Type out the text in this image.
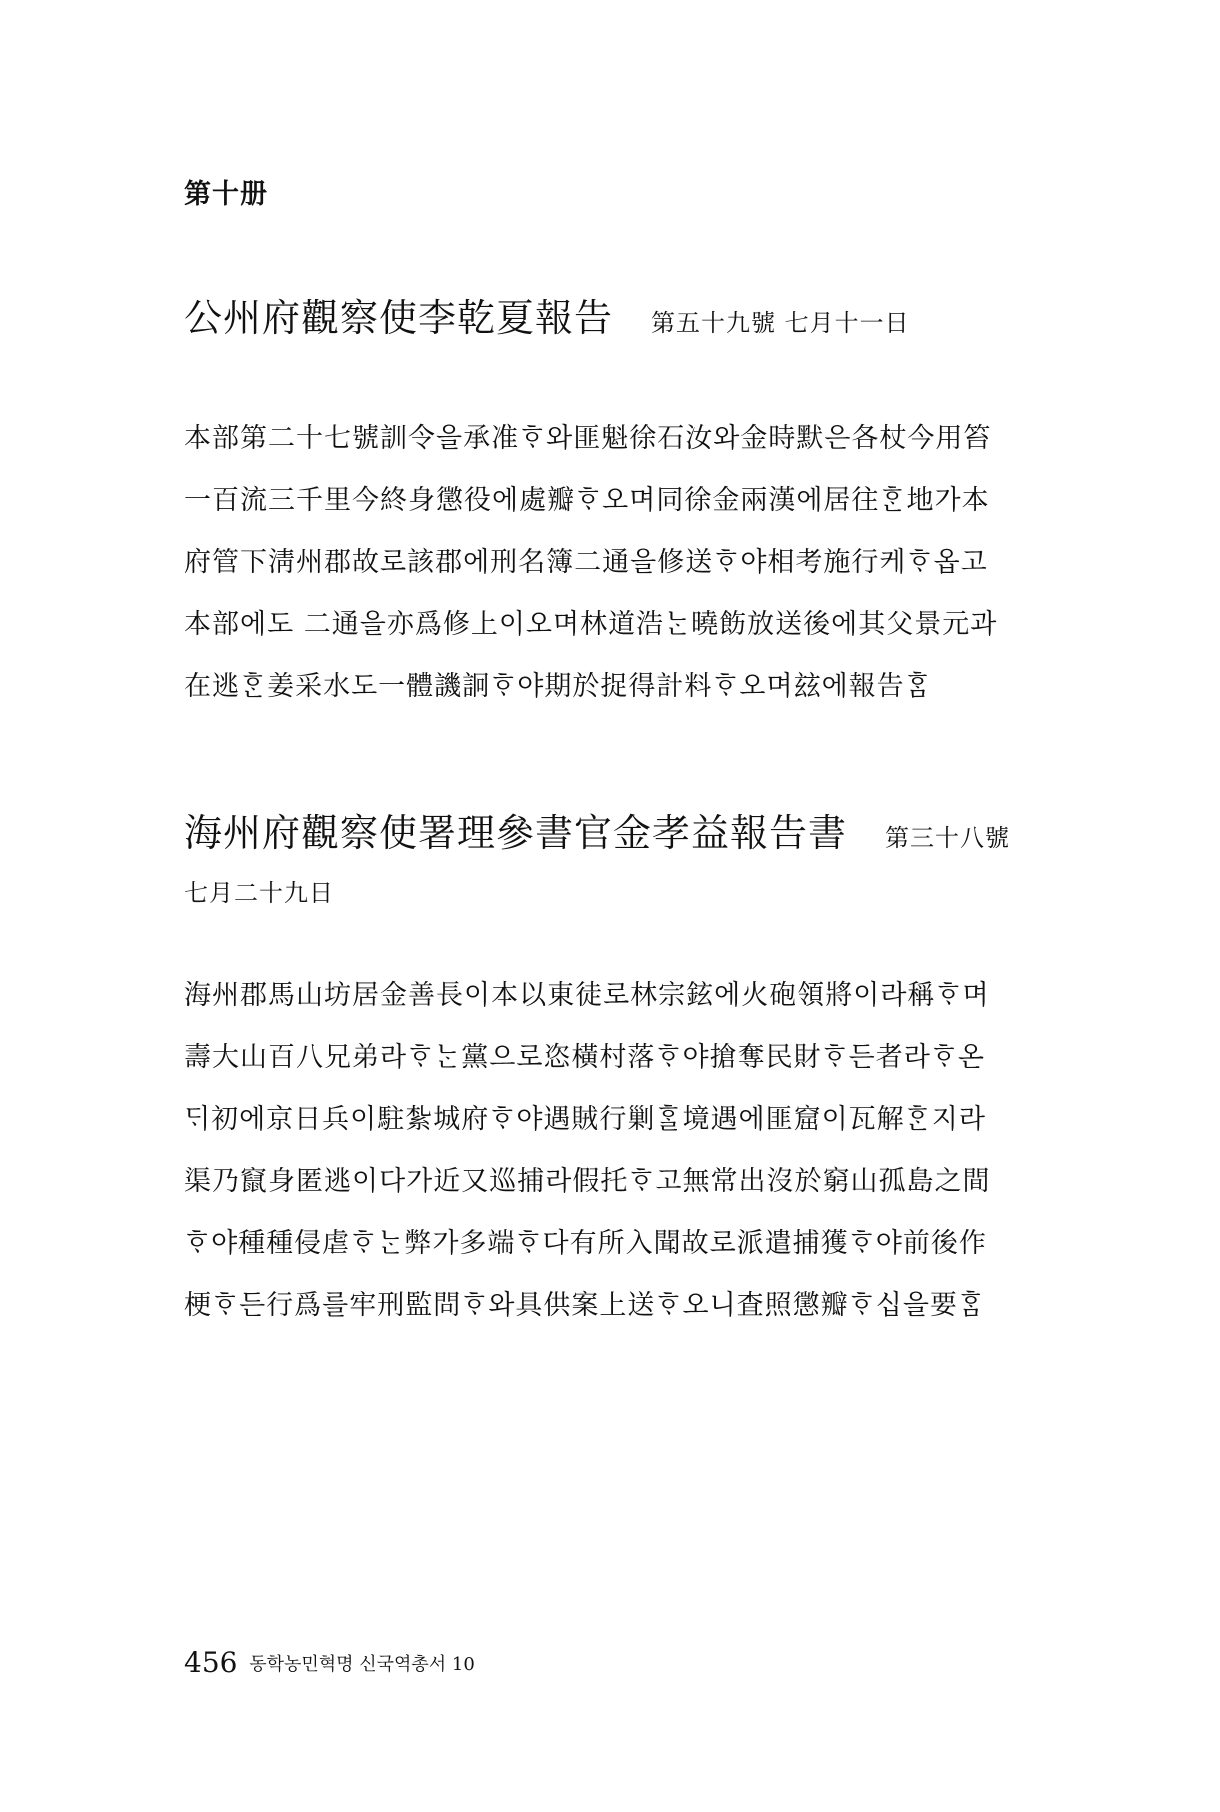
第十册
公州府觀察使李乾夏報告 第五十九號 七月十一日

本部第二十七號訓令을承准ᄒᆞ와匪魁徐石汝와金時默은各杖今用笞
一百流三千里今終身懲役에處瓣ᄒᆞ오며同徐金兩漢에居往ᄒᆞᆫ地가本
府管下淸州郡故로該郡에刑名簿二通을修送ᄒᆞ야相考施行케ᄒᆞ옵고
本部에도 二通을亦爲修上이오며林道浩ᄂᆞᆫ曉飭放送後에其父景元과
在逃ᄒᆞᆫ姜采水도一體譏詗ᄒᆞ야期於捉得計料ᄒᆞ오며玆에報告ᄒᆞᆷ

海州府觀察使署理參書官金孝益報告書 第三十八號

七月二十九日

海州郡馬山坊居金善長이本以東徒로林宗鉉에火砲領將이라稱ᄒᆞ며
壽大山百八兄弟라ᄒᆞᄂᆞᆫ黨으로恣橫村落ᄒᆞ야搶奪民財ᄒᆞ든者라ᄒᆞ온
ᄃᆡ初에京日兵이駐紮城府ᄒᆞ야遇賊行剿ᄒᆞᆯ境遇에匪窟이瓦解ᄒᆞᆫ지라
渠乃竄身匿逃이다가近又巡捕라假托ᄒᆞ고無常出沒於窮山孤島之間
ᄒᆞ야種種侵虐ᄒᆞᄂᆞᆫ弊가多端ᄒᆞ다有所入聞故로派遣捕獲ᄒᆞ야前後作
梗ᄒᆞ든行爲를牢刑監問ᄒᆞ와具供案上送ᄒᆞ오니査照懲瓣ᄒᆞ십을要ᄒᆞᆷ

456 동학농민혁명 신국역총서 10
